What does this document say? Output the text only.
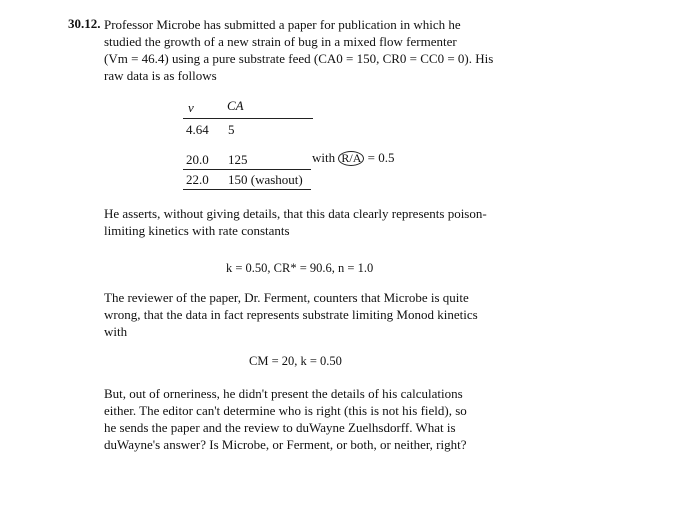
30.12. Professor Microbe has submitted a paper for publication in which he
studied the growth of a new strain of bug in a mixed flow fermenter
(Vm = 46.4) using a pure substrate feed (CA0 = 150, CR0 = CC0 = 0). His
raw data is as follows
v	CA
4.64 5
20.0 125
22.0 150 (washout)
with R/A = 0.5
He asserts, without giving details, that this data clearly represents poison-
limiting kinetics with rate constants
k = 0.50, CR* = 90.6, n = 1.0
The reviewer of the paper, Dr. Ferment, counters that Microbe is quite
wrong, that the data in fact represents substrate limiting Monod kinetics
with
CM = 20, k = 0.50
But, out of orneriness, he didn't present the details of his calculations
either. The editor can't determine who is right (this is not his field), so
he sends the paper and the review to duWayne Zuelhsdorff. What is
duWayne's answer? Is Microbe, or Ferment, or both, or neither, right?
